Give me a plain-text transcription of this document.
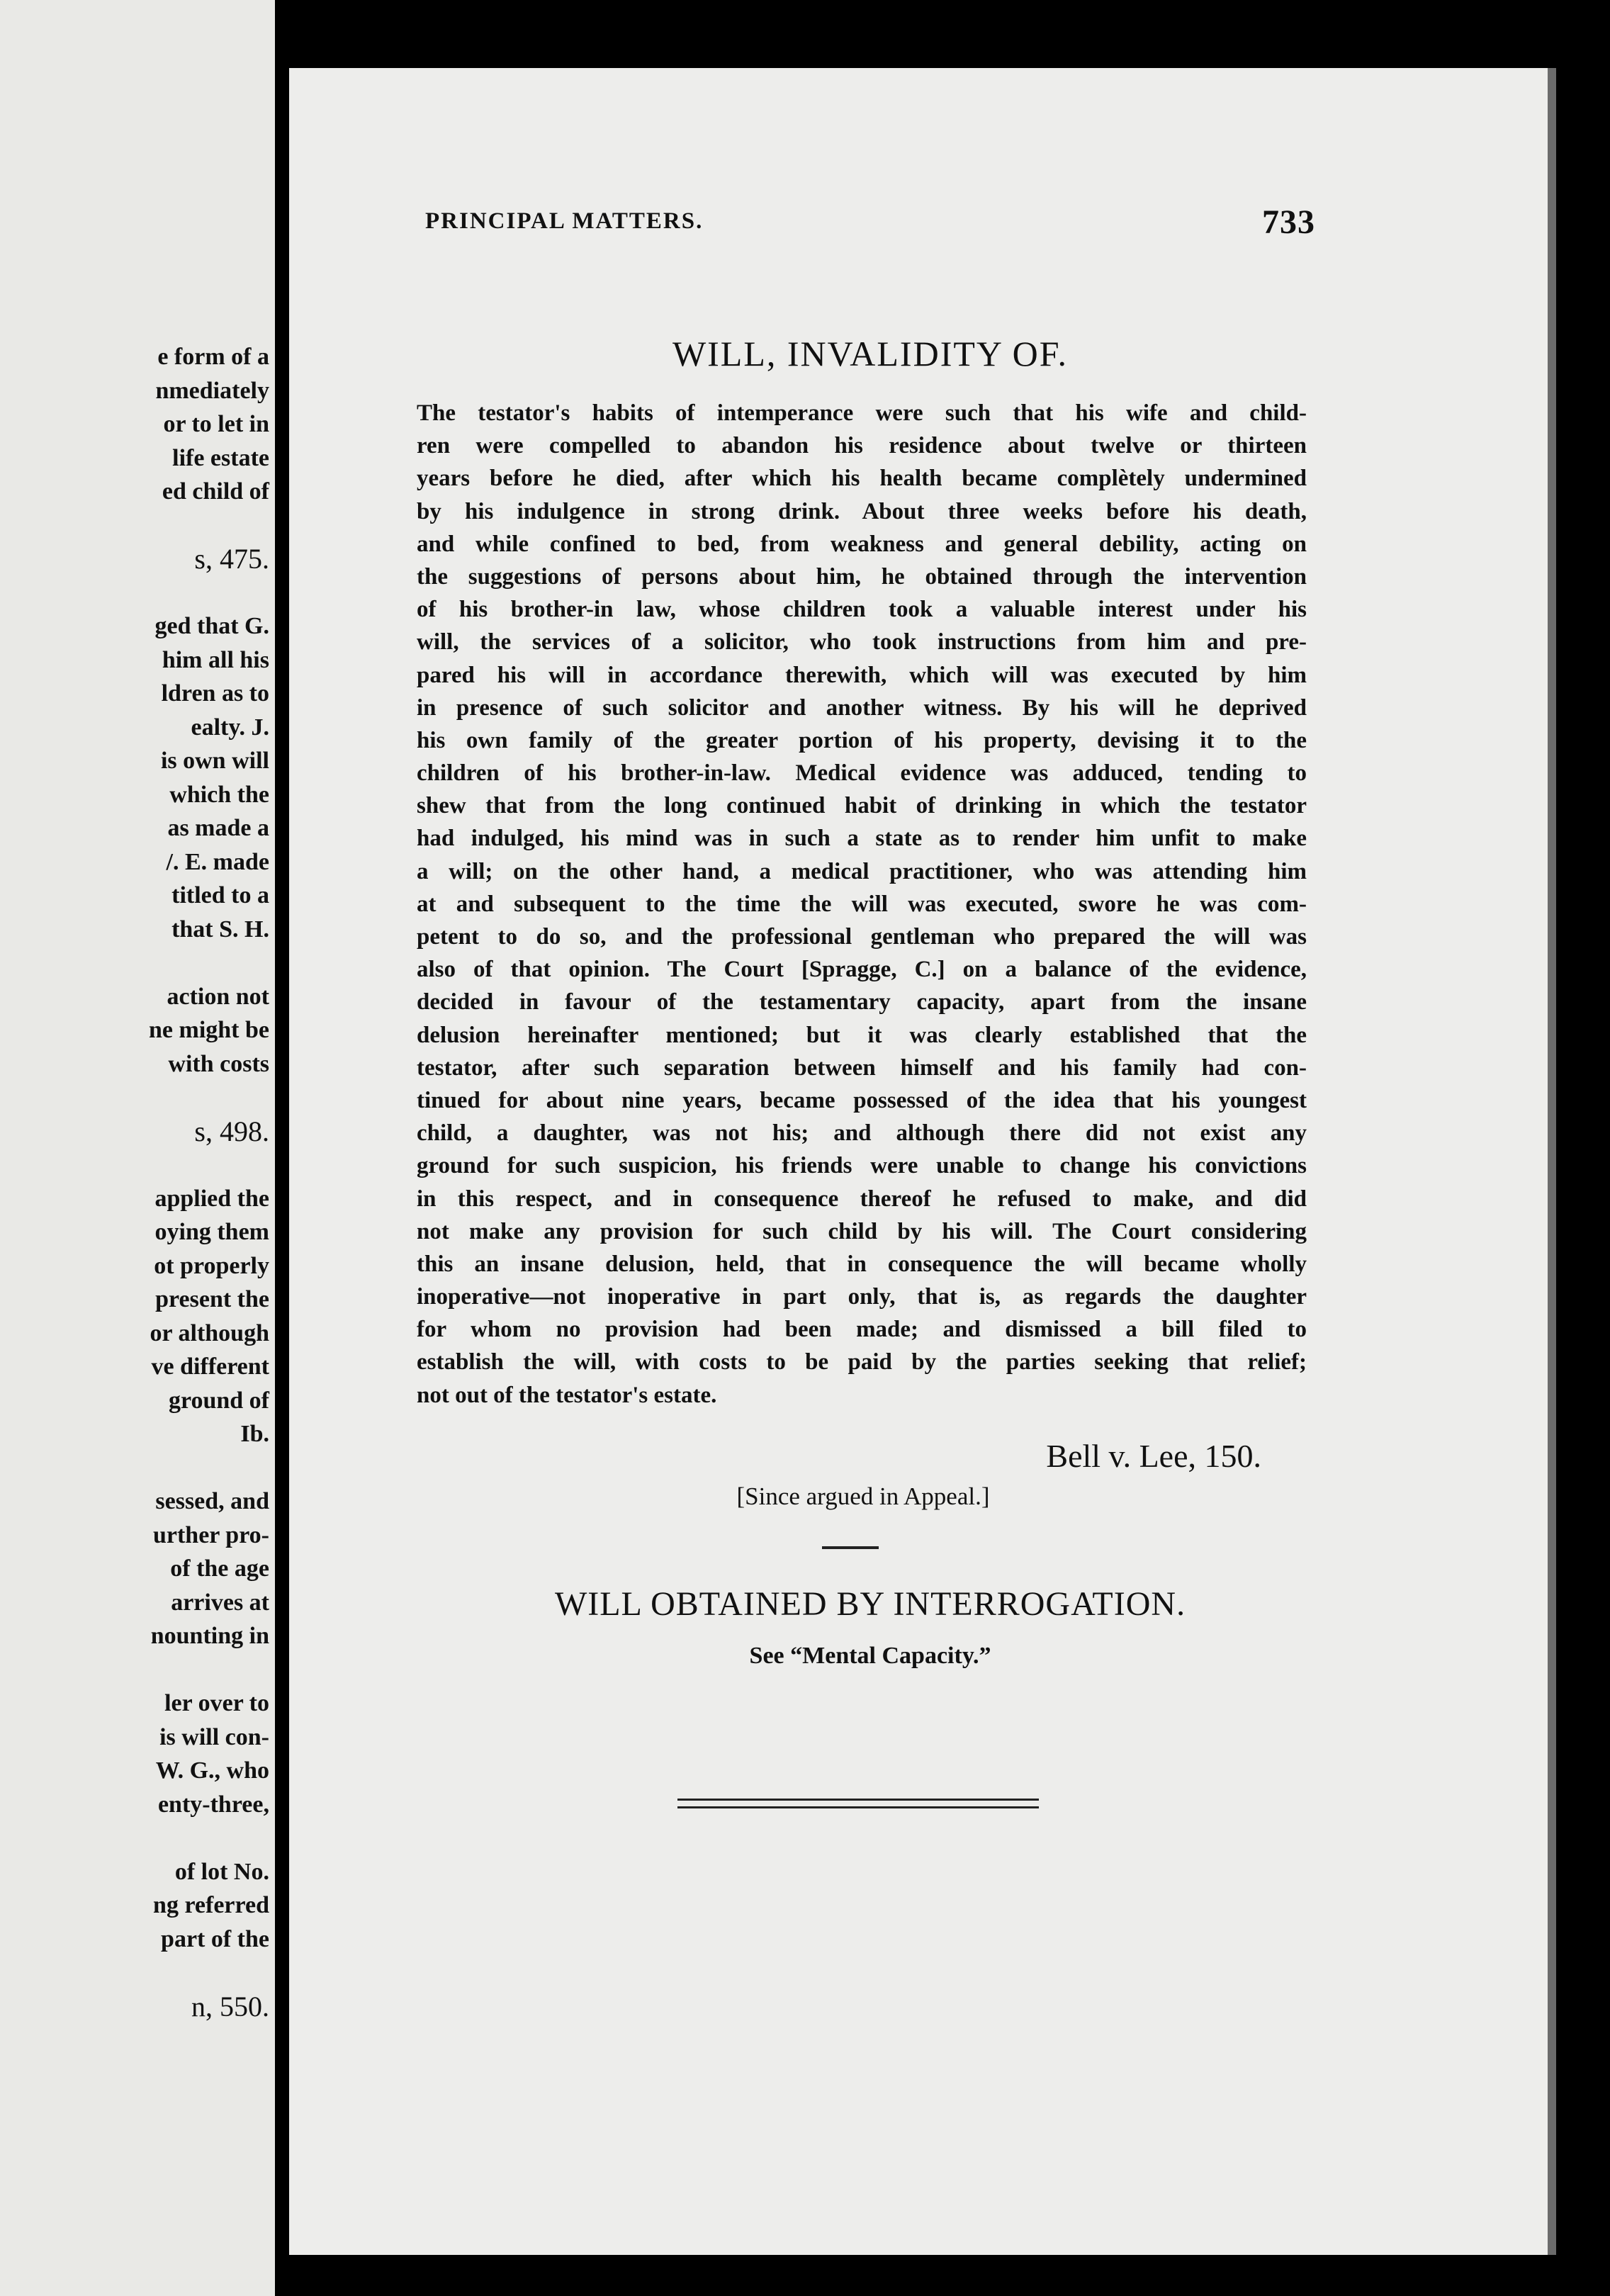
e form of a
nmediately
or to let in
life estate
ed child of
s, 475.
ged that G.
him all his
ldren as to
ealty. J.
is own will
which the
as made a
/. E. made
titled to a
that S. H.
action not
ne might be
with costs
s, 498.
applied the
oying them
ot properly
present the
or although
ve different
ground of
Ib.
sessed, and
urther pro-
of the age
arrives at
nounting in
ler over to
is will con-
W. G., who
enty-three,
of lot No.
ng referred
part of the
n, 550.
PRINCIPAL MATTERS.	733
WILL, INVALIDITY OF.
The testator's habits of intemperance were such that his wife and child-
ren were compelled to abandon his residence about twelve or thirteen
years before he died, after which his health became complètely undermined
by his indulgence in strong drink. About three weeks before his death,
and while confined to bed, from weakness and general debility, acting on
the suggestions of persons about him, he obtained through the intervention
of his brother-in law, whose children took a valuable interest under his
will, the services of a solicitor, who took instructions from him and pre-
pared his will in accordance therewith, which will was executed by him
in presence of such solicitor and another witness. By his will he deprived
his own family of the greater portion of his property, devising it to the
children of his brother-in-law. Medical evidence was adduced, tending to
shew that from the long continued habit of drinking in which the testator
had indulged, his mind was in such a state as to render him unfit to make
a will; on the other hand, a medical practitioner, who was attending him
at and subsequent to the time the will was executed, swore he was com-
petent to do so, and the professional gentleman who prepared the will was
also of that opinion. The Court [Spragge, C.] on a balance of the evidence,
decided in favour of the testamentary capacity, apart from the insane
delusion hereinafter mentioned; but it was clearly established that the
testator, after such separation between himself and his family had con-
tinued for about nine years, became possessed of the idea that his youngest
child, a daughter, was not his; and although there did not exist any
ground for such suspicion, his friends were unable to change his convictions
in this respect, and in consequence thereof he refused to make, and did
not make any provision for such child by his will. The Court considering
this an insane delusion, held, that in consequence the will became wholly
inoperative—not inoperative in part only, that is, as regards the daughter
for whom no provision had been made; and dismissed a bill filed to
establish the will, with costs to be paid by the parties seeking that relief;
not out of the testator's estate.
Bell v. Lee, 150.
[Since argued in Appeal.]
WILL OBTAINED BY INTERROGATION.
See “Mental Capacity.”
